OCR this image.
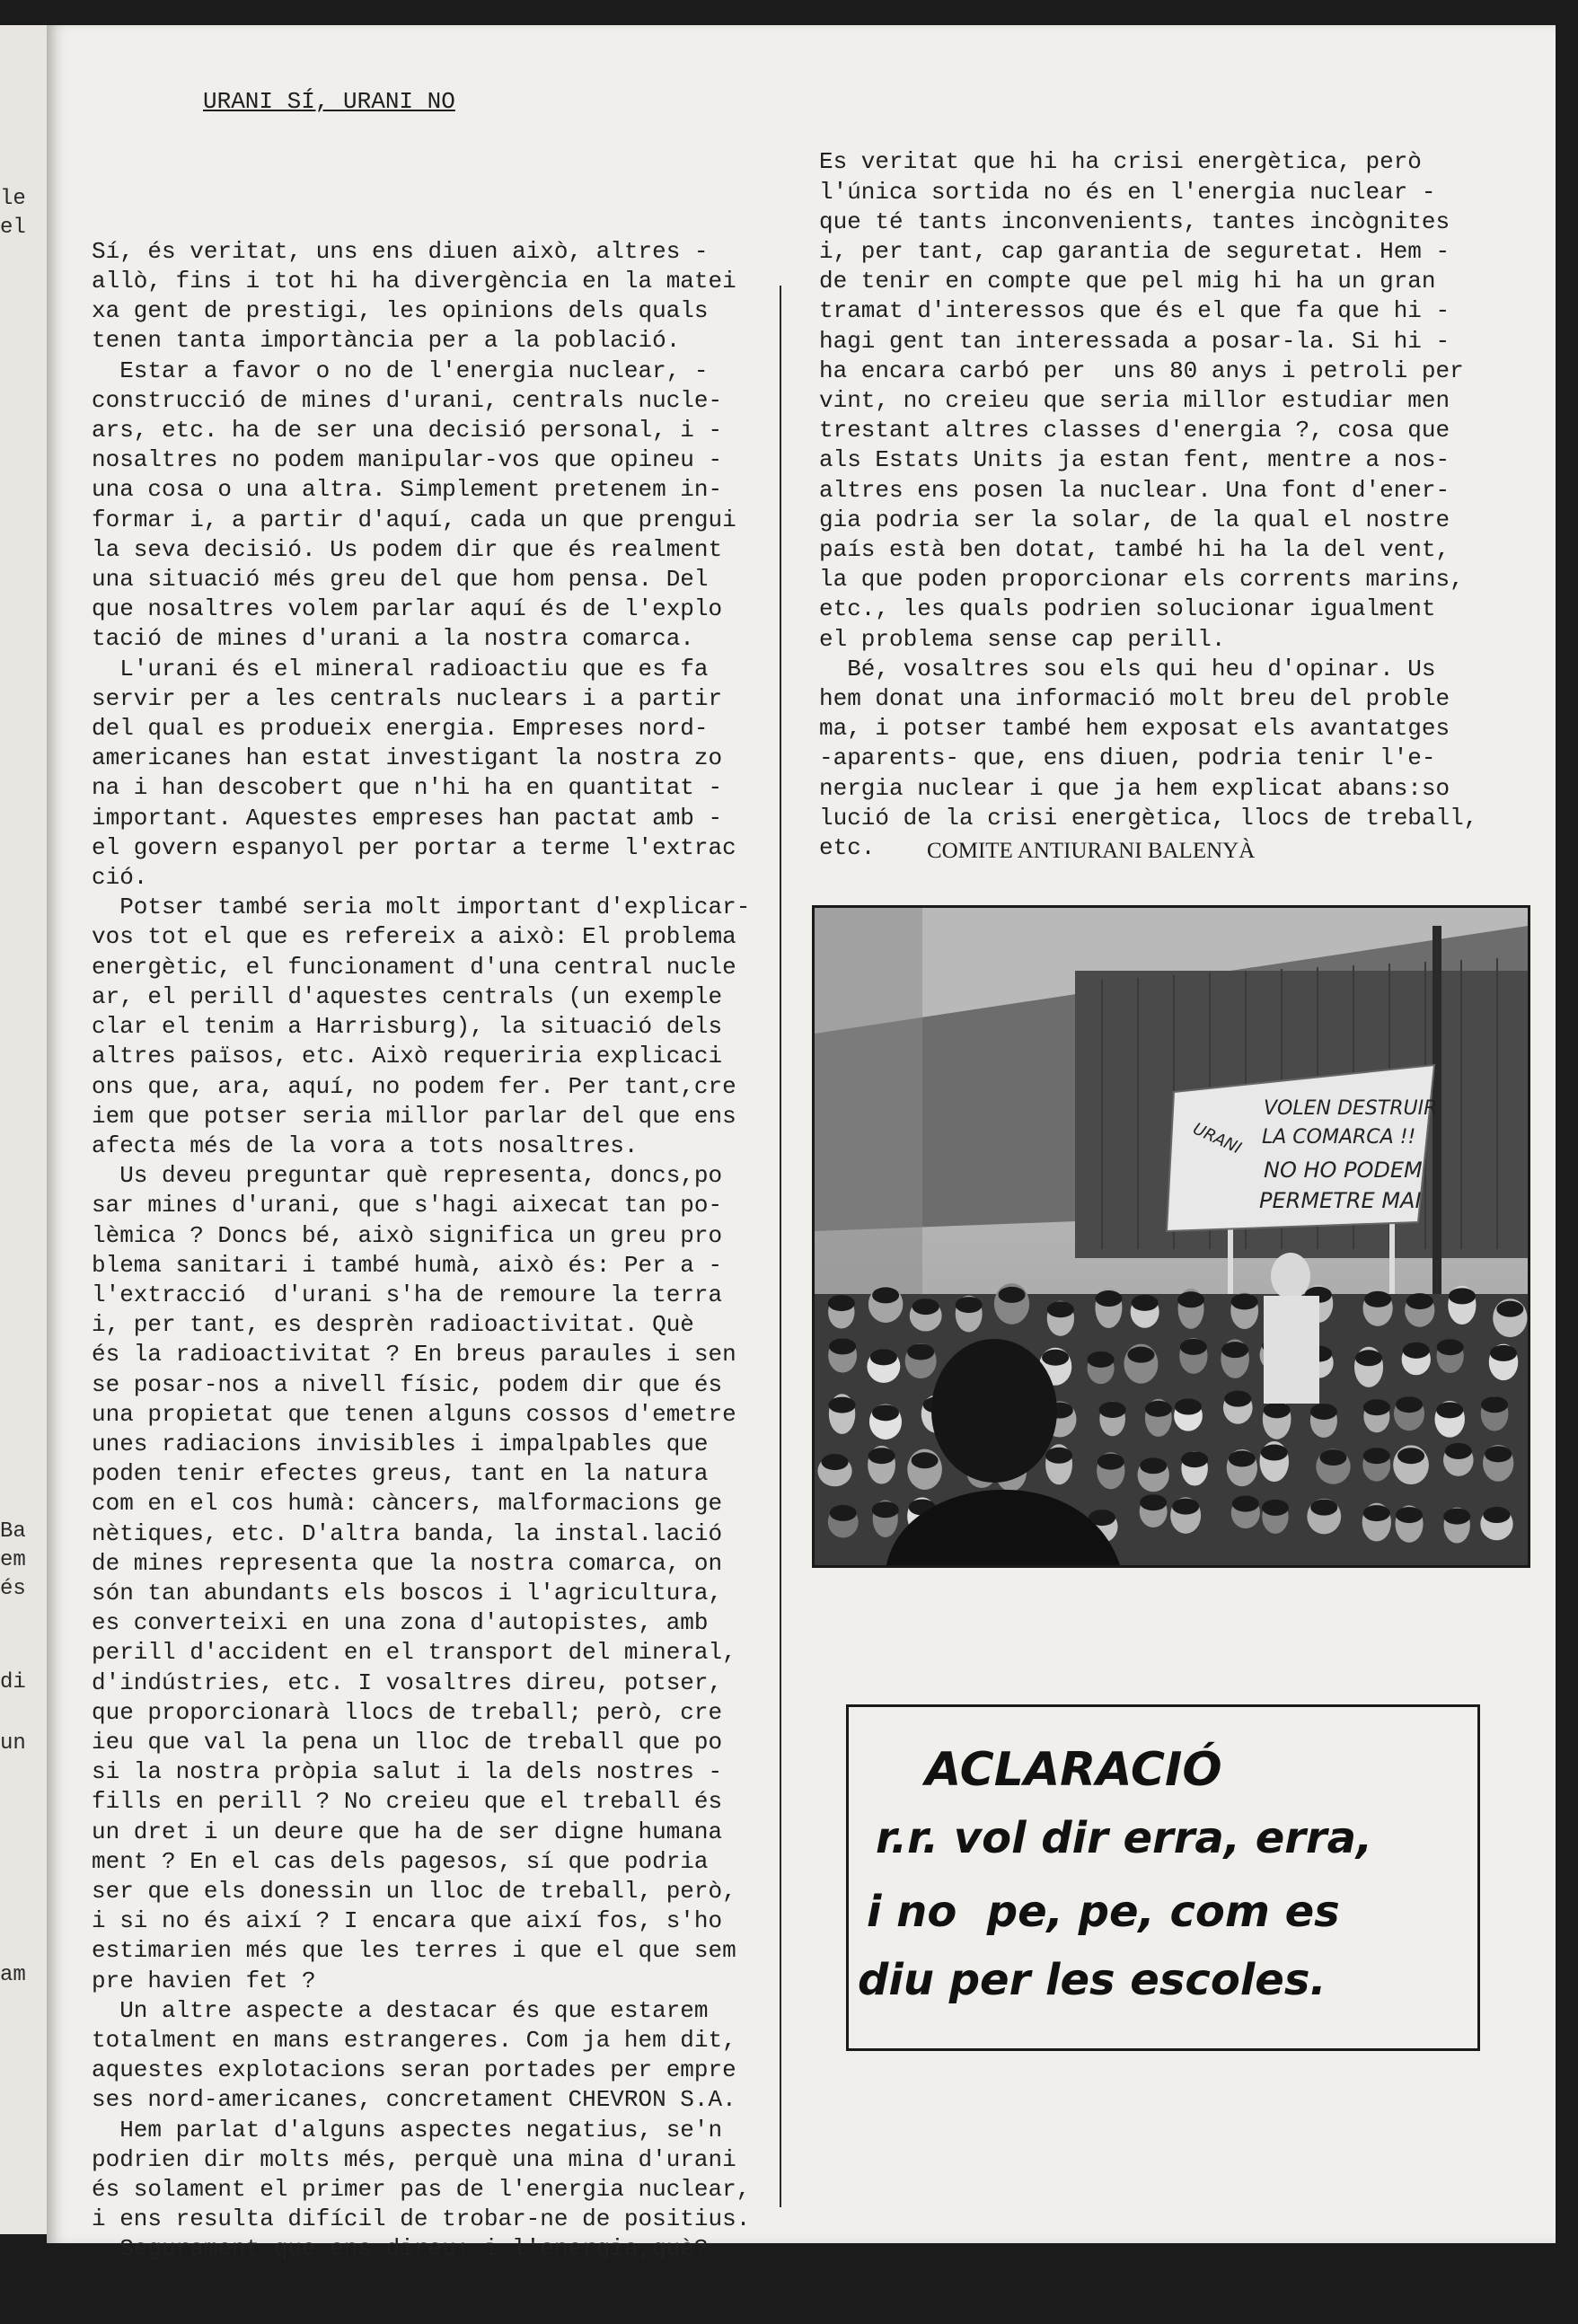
le
el
Ba
em
és
di
un
am
URANI SÍ, URANI NO

Sí, és veritat, uns ens diuen això, altres -
allò, fins i tot hi ha divergència en la matei
xa gent de prestigi, les opinions dels quals
tenen tanta importància per a la població.
Estar a favor o no de l'energia nuclear, -
construcció de mines d'urani, centrals nucle-
ars, etc. ha de ser una decisió personal, i -
nosaltres no podem manipular-vos que opineu -
una cosa o una altra. Simplement pretenem in-
formar i, a partir d'aquí, cada un que prengui
la seva decisió. Us podem dir que és realment
una situació més greu del que hom pensa. Del
que nosaltres volem parlar aquí és de l'explo
tació de mines d'urani a la nostra comarca.
L'urani és el mineral radioactiu que es fa
servir per a les centrals nuclears i a partir
del qual es produeix energia. Empreses nord-
americanes han estat investigant la nostra zo
na i han descobert que n'hi ha en quantitat -
important. Aquestes empreses han pactat amb -
el govern espanyol per portar a terme l'extrac
ció.
Potser també seria molt important d'explicar-
vos tot el que es refereix a això: El problema
energètic, el funcionament d'una central nucle
ar, el perill d'aquestes centrals (un exemple
clar el tenim a Harrisburg), la situació dels
altres països, etc. Això requeriria explicaci
ons que, ara, aquí, no podem fer. Per tant,cre
iem que potser seria millor parlar del que ens
afecta més de la vora a tots nosaltres.
Us deveu preguntar què representa, doncs,po
sar mines d'urani, que s'hagi aixecat tan po-
lèmica ? Doncs bé, això significa un greu pro
blema sanitari i també humà, això és: Per a -
l'extracció  d'urani s'ha de remoure la terra
i, per tant, es desprèn radioactivitat. Què
és la radioactivitat ? En breus paraules i sen
se posar-nos a nivell físic, podem dir que és
una propietat que tenen alguns cossos d'emetre
unes radiacions invisibles i impalpables que
poden tenir efectes greus, tant en la natura
com en el cos humà: càncers, malformacions ge
nètiques, etc. D'altra banda, la instal.lació
de mines representa que la nostra comarca, on
són tan abundants els boscos i l'agricultura,
es converteixi en una zona d'autopistes, amb
perill d'accident en el transport del mineral,
d'indústries, etc. I vosaltres direu, potser,
que proporcionarà llocs de treball; però, cre
ieu que val la pena un lloc de treball que po
si la nostra pròpia salut i la dels nostres -
fills en perill ? No creieu que el treball és
un dret i un deure que ha de ser digne humana
ment ? En el cas dels pagesos, sí que podria
ser que els donessin un lloc de treball, però,
i si no és així ? I encara que així fos, s'ho
estimarien més que les terres i que el que sem
pre havien fet ?
Un altre aspecte a destacar és que estarem
totalment en mans estrangeres. Com ja hem dit,
aquestes explotacions seran portades per empre
ses nord-americanes, concretament CHEVRON S.A.
Hem parlat d'alguns aspectes negatius, se'n
podrien dir molts més, perquè una mina d'urani
és solament el primer pas de l'energia nuclear,
i ens resulta difícil de trobar-ne de positius.
Segurament que ens direu: i l'energia,què?

Es veritat que hi ha crisi energètica, però
l'única sortida no és en l'energia nuclear -
que té tants inconvenients, tantes incògnites
i, per tant, cap garantia de seguretat. Hem -
de tenir en compte que pel mig hi ha un gran
tramat d'interessos que és el que fa que hi -
hagi gent tan interessada a posar-la. Si hi -
ha encara carbó per  uns 80 anys i petroli per
vint, no creieu que seria millor estudiar men
trestant altres classes d'energia ?, cosa que
als Estats Units ja estan fent, mentre a nos-
altres ens posen la nuclear. Una font d'ener-
gia podria ser la solar, de la qual el nostre
país està ben dotat, també hi ha la del vent,
la que poden proporcionar els corrents marins,
etc., les quals podrien solucionar igualment
el problema sense cap perill.
Bé, vosaltres sou els qui heu d'opinar. Us
hem donat una informació molt breu del proble
ma, i potser també hem exposat els avantatges
-aparents- que, ens diuen, podria tenir l'e-
nergia nuclear i que ja hem explicat abans:so
lució de la crisi energètica, llocs de treball,
etc.

	COMITE ANTIURANI BALENYÀ
URANI
VOLEN DESTRUIR
LA COMARCA !!
NO HO PODEM
PERMETRE MAI
ACLARACIÓ
r.r. vol dir erra, erra,
i no  pe, pe, com es
diu per les escoles.
